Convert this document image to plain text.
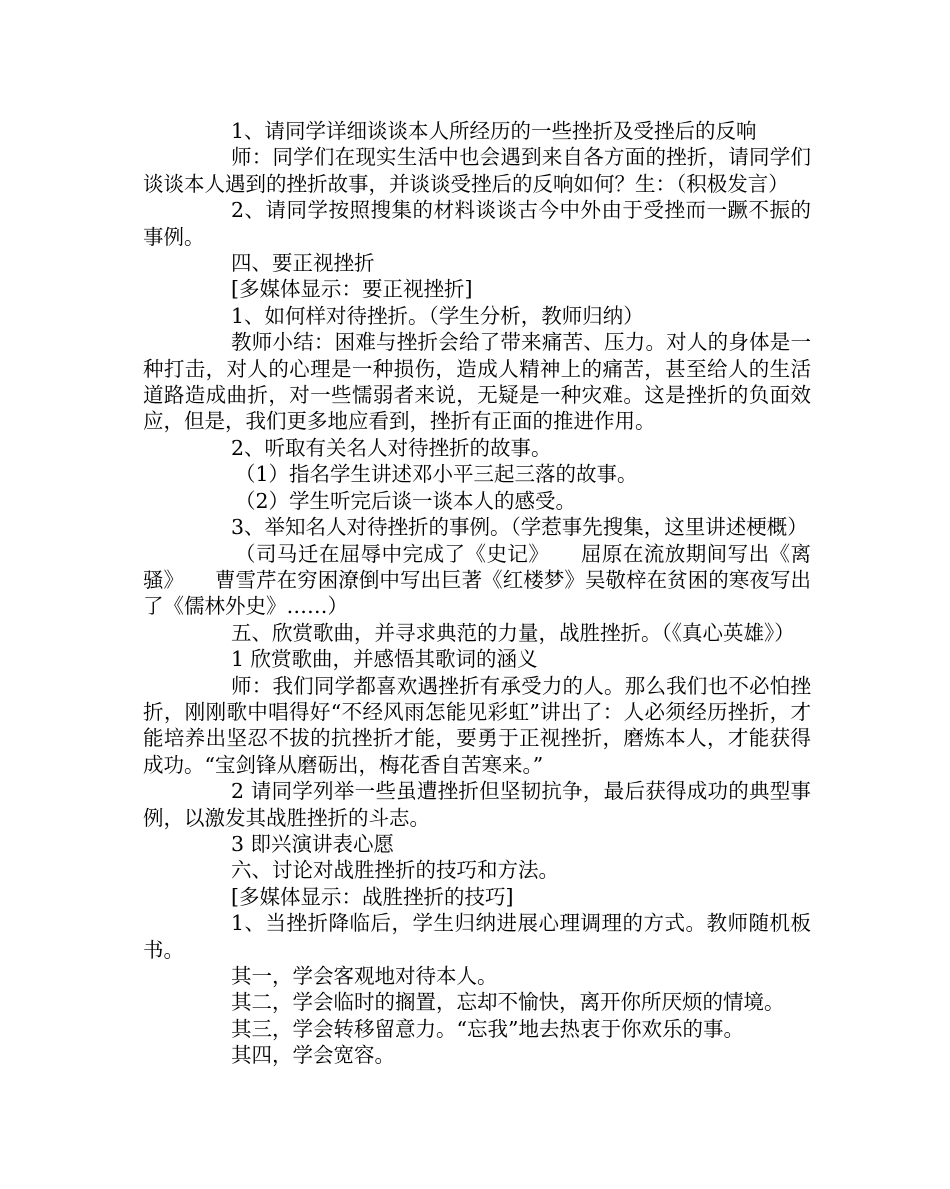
1、请同学详细谈谈本人所经历的一些挫折及受挫后的反响

师：同学们在现实生活中也会遇到来自各方面的挫折，请同学们谈谈本人遇到的挫折故事，并谈谈受挫后的反响如何？生：（积极发言）

2、请同学按照搜集的材料谈谈古今中外由于受挫而一蹶不振的事例。

四、要正视挫折

[多媒体显示：要正视挫折]

1、如何样对待挫折。（学生分析，教师归纳）

教师小结：困难与挫折会给了带来痛苦、压力。对人的身体是一种打击，对人的心理是一种损伤，造成人精神上的痛苦，甚至给人的生活道路造成曲折，对一些懦弱者来说，无疑是一种灾难。这是挫折的负面效应，但是，我们更多地应看到，挫折有正面的推进作用。

2、听取有关名人对待挫折的故事。

（1）指名学生讲述邓小平三起三落的故事。

（2）学生听完后谈一谈本人的感受。

3、举知名人对待挫折的事例。（学惹事先搜集，这里讲述梗概）

（司马迁在屈辱中完成了《史记》　　屈原在流放期间写出《离骚》　　曹雪芹在穷困潦倒中写出巨著《红楼梦》吴敬梓在贫困的寒夜写出了《儒林外史》……）

五、欣赏歌曲，并寻求典范的力量，战胜挫折。（《真心英雄》）

1 欣赏歌曲，并感悟其歌词的涵义

师：我们同学都喜欢遇挫折有承受力的人。那么我们也不必怕挫折，刚刚歌中唱得好“不经风雨怎能见彩虹”讲出了：人必须经历挫折，才能培养出坚忍不拔的抗挫折才能，要勇于正视挫折，磨炼本人，才能获得成功。“宝剑锋从磨砺出，梅花香自苦寒来。”

2 请同学列举一些虽遭挫折但坚韧抗争，最后获得成功的典型事例，以激发其战胜挫折的斗志。

3 即兴演讲表心愿

六、讨论对战胜挫折的技巧和方法。

[多媒体显示：战胜挫折的技巧]

1、当挫折降临后，学生归纳进展心理调理的方式。教师随机板书。

其一，学会客观地对待本人。

其二，学会临时的搁置，忘却不愉快，离开你所厌烦的情境。

其三，学会转移留意力。“忘我”地去热衷于你欢乐的事。

其四，学会宽容。
